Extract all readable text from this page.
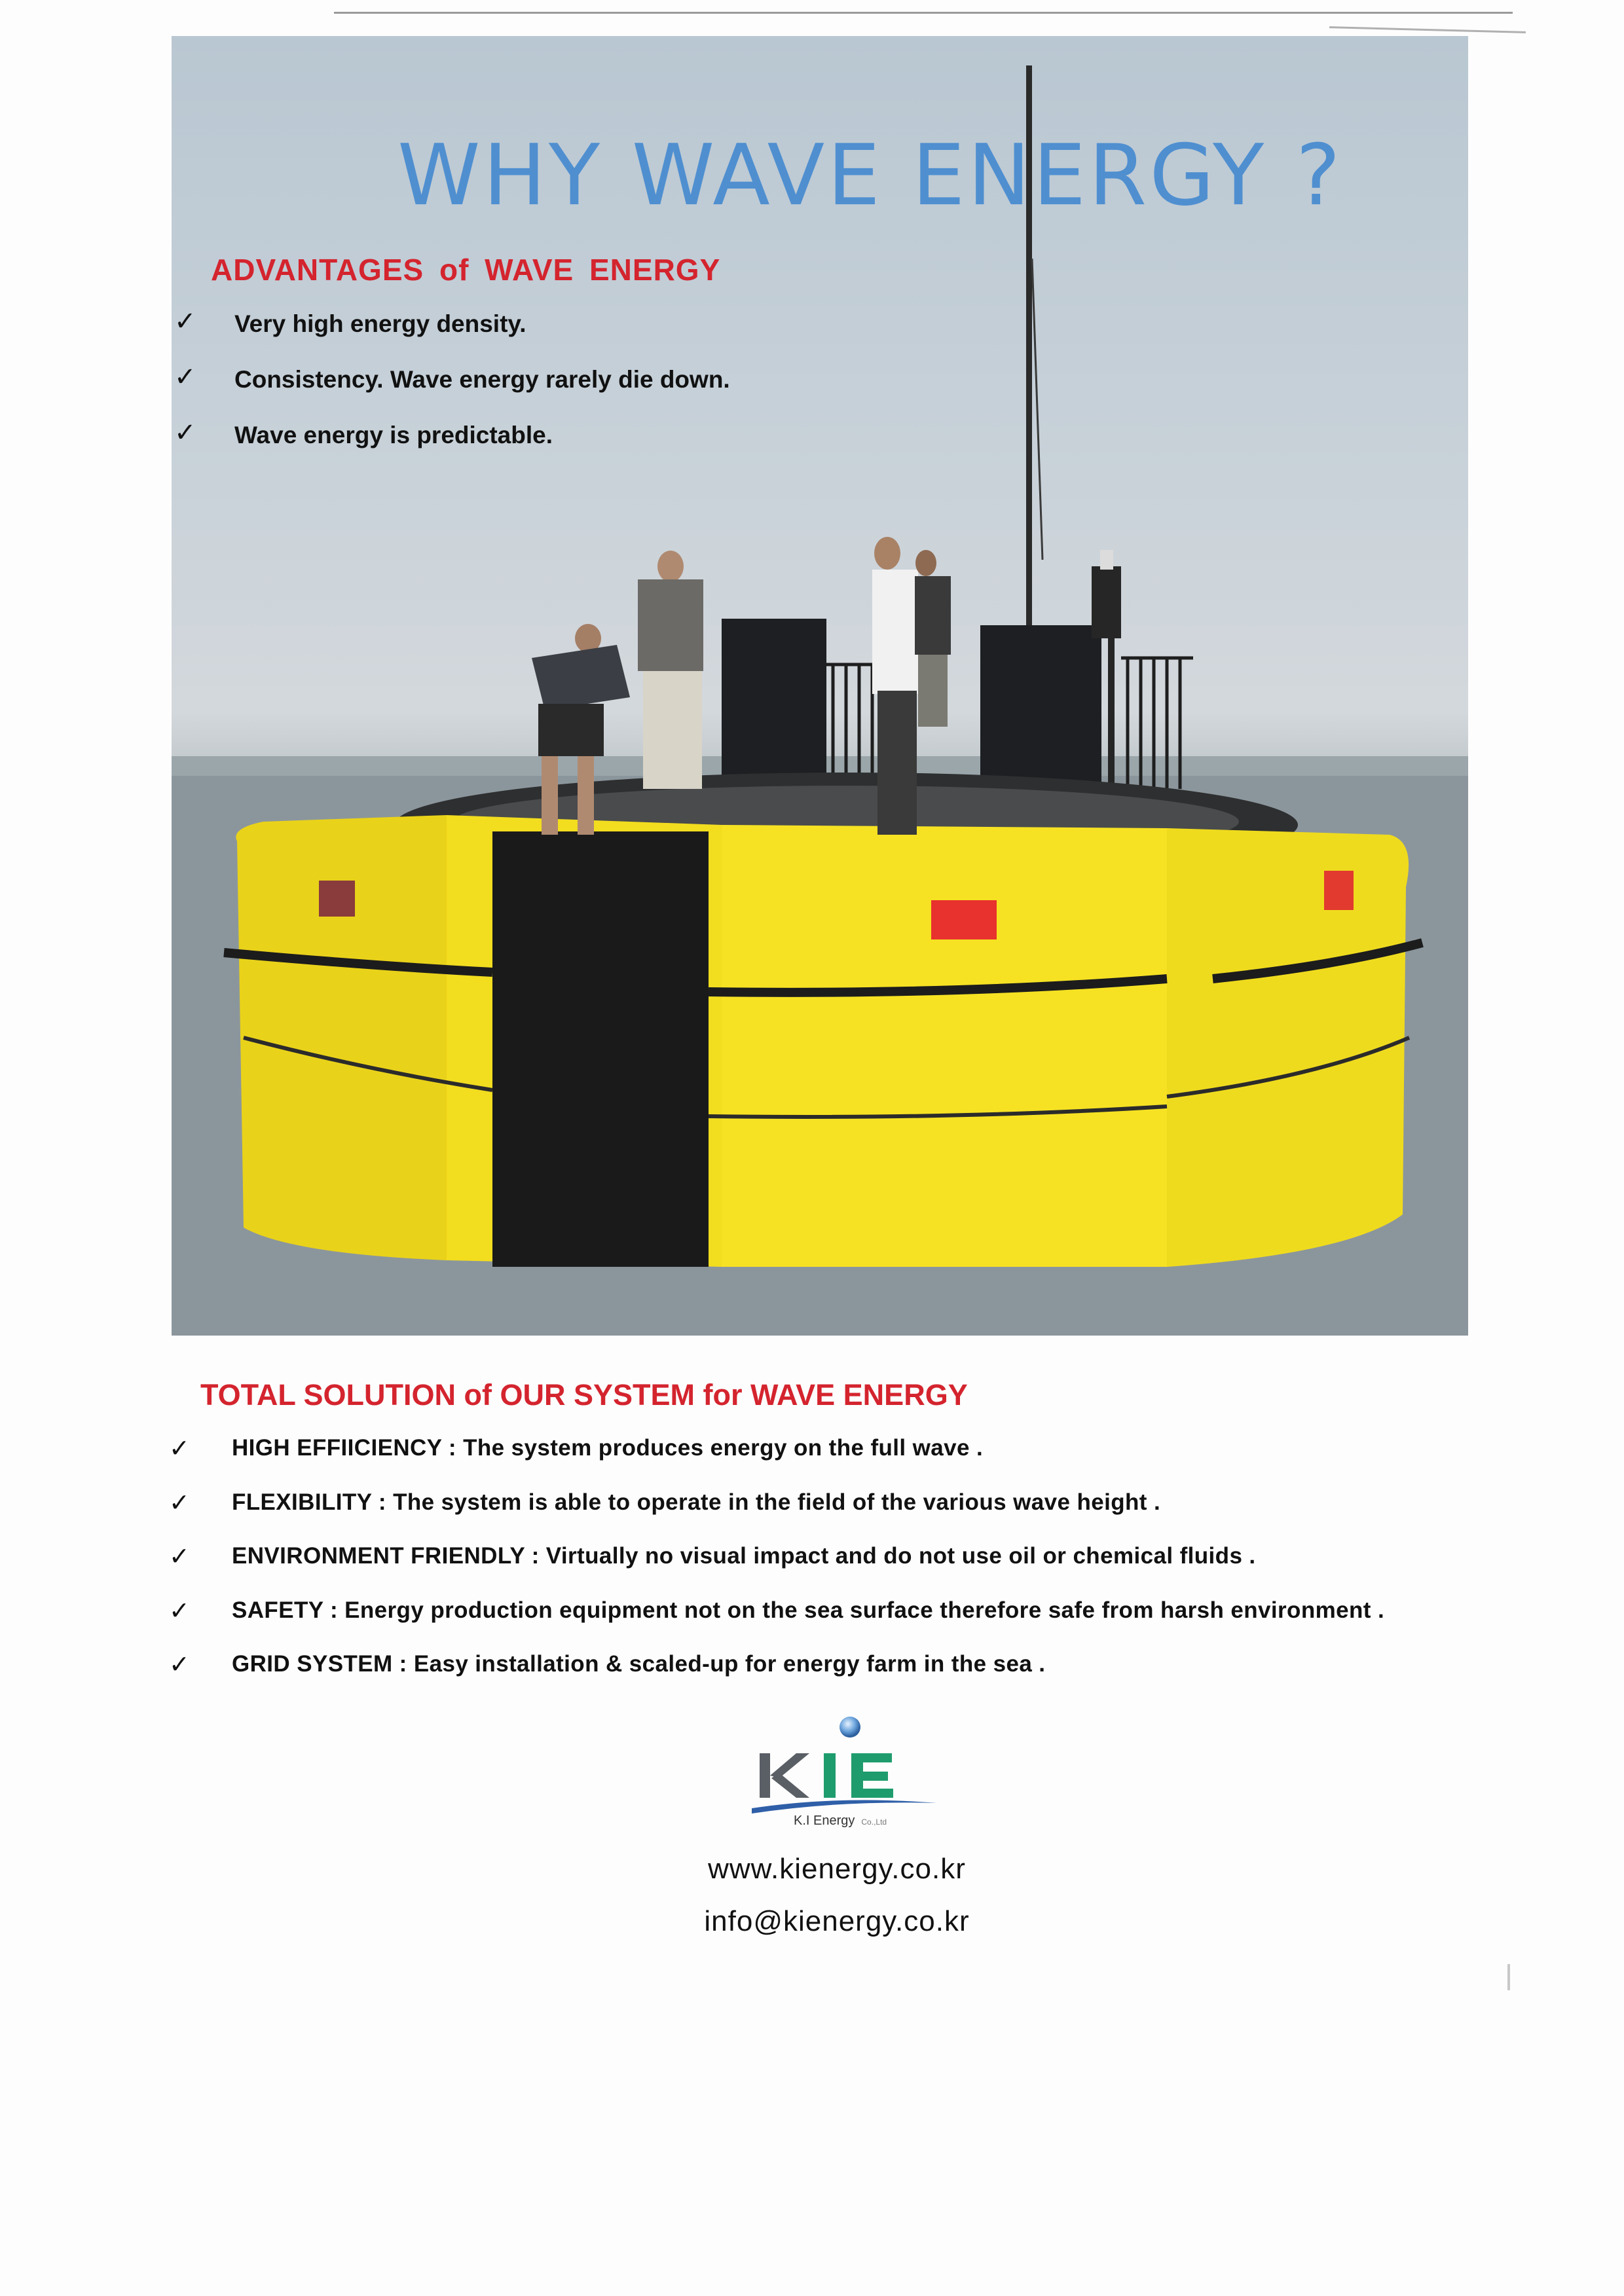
WHY WAVE ENERGY ?
ADVANTAGES of WAVE ENERGY
✓ Very high energy density.
✓ Consistency. Wave energy rarely die down.
✓ Wave energy is predictable.
TOTAL SOLUTION of OUR SYSTEM for WAVE ENERGY
✓ HIGH EFFIICIENCY : The system produces energy on the full wave .
✓ FLEXIBILITY : The system is able to operate in the field of the various wave height .
✓ ENVIRONMENT FRIENDLY : Virtually no visual impact and do not use oil or chemical fluids .
✓ SAFETY : Energy production equipment not on the sea surface therefore safe from harsh environment .
✓ GRID SYSTEM : Easy installation & scaled-up for energy farm in the sea .
K.I Energy Co.,Ltd
www.kienergy.co.kr
info@kienergy.co.kr
